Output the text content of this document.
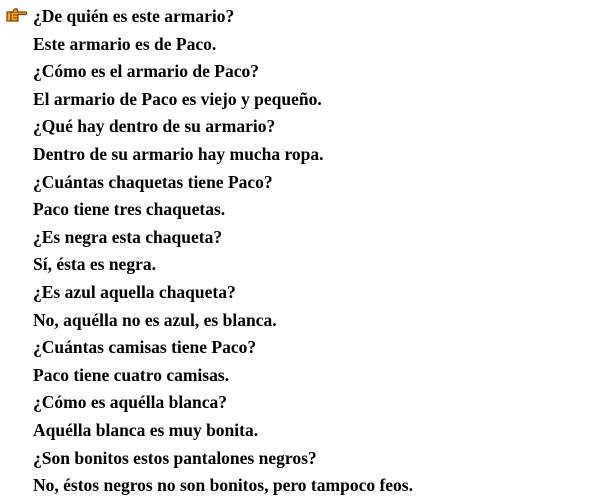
¿De quién es este armario?
Este armario es de Paco.
¿Cómo es el armario de Paco?
El armario de Paco es viejo y pequeño.
¿Qué hay dentro de su armario?
Dentro de su armario hay mucha ropa.
¿Cuántas chaquetas tiene Paco?
Paco tiene tres chaquetas.
¿Es negra esta chaqueta?
Sí, ésta es negra.
¿Es azul aquella chaqueta?
No, aquélla no es azul, es blanca.
¿Cuántas camisas tiene Paco?
Paco tiene cuatro camisas.
¿Cómo es aquélla blanca?
Aquélla blanca es muy bonita.
¿Son bonitos estos pantalones negros?
No, éstos negros no son bonitos, pero tampoco feos.
